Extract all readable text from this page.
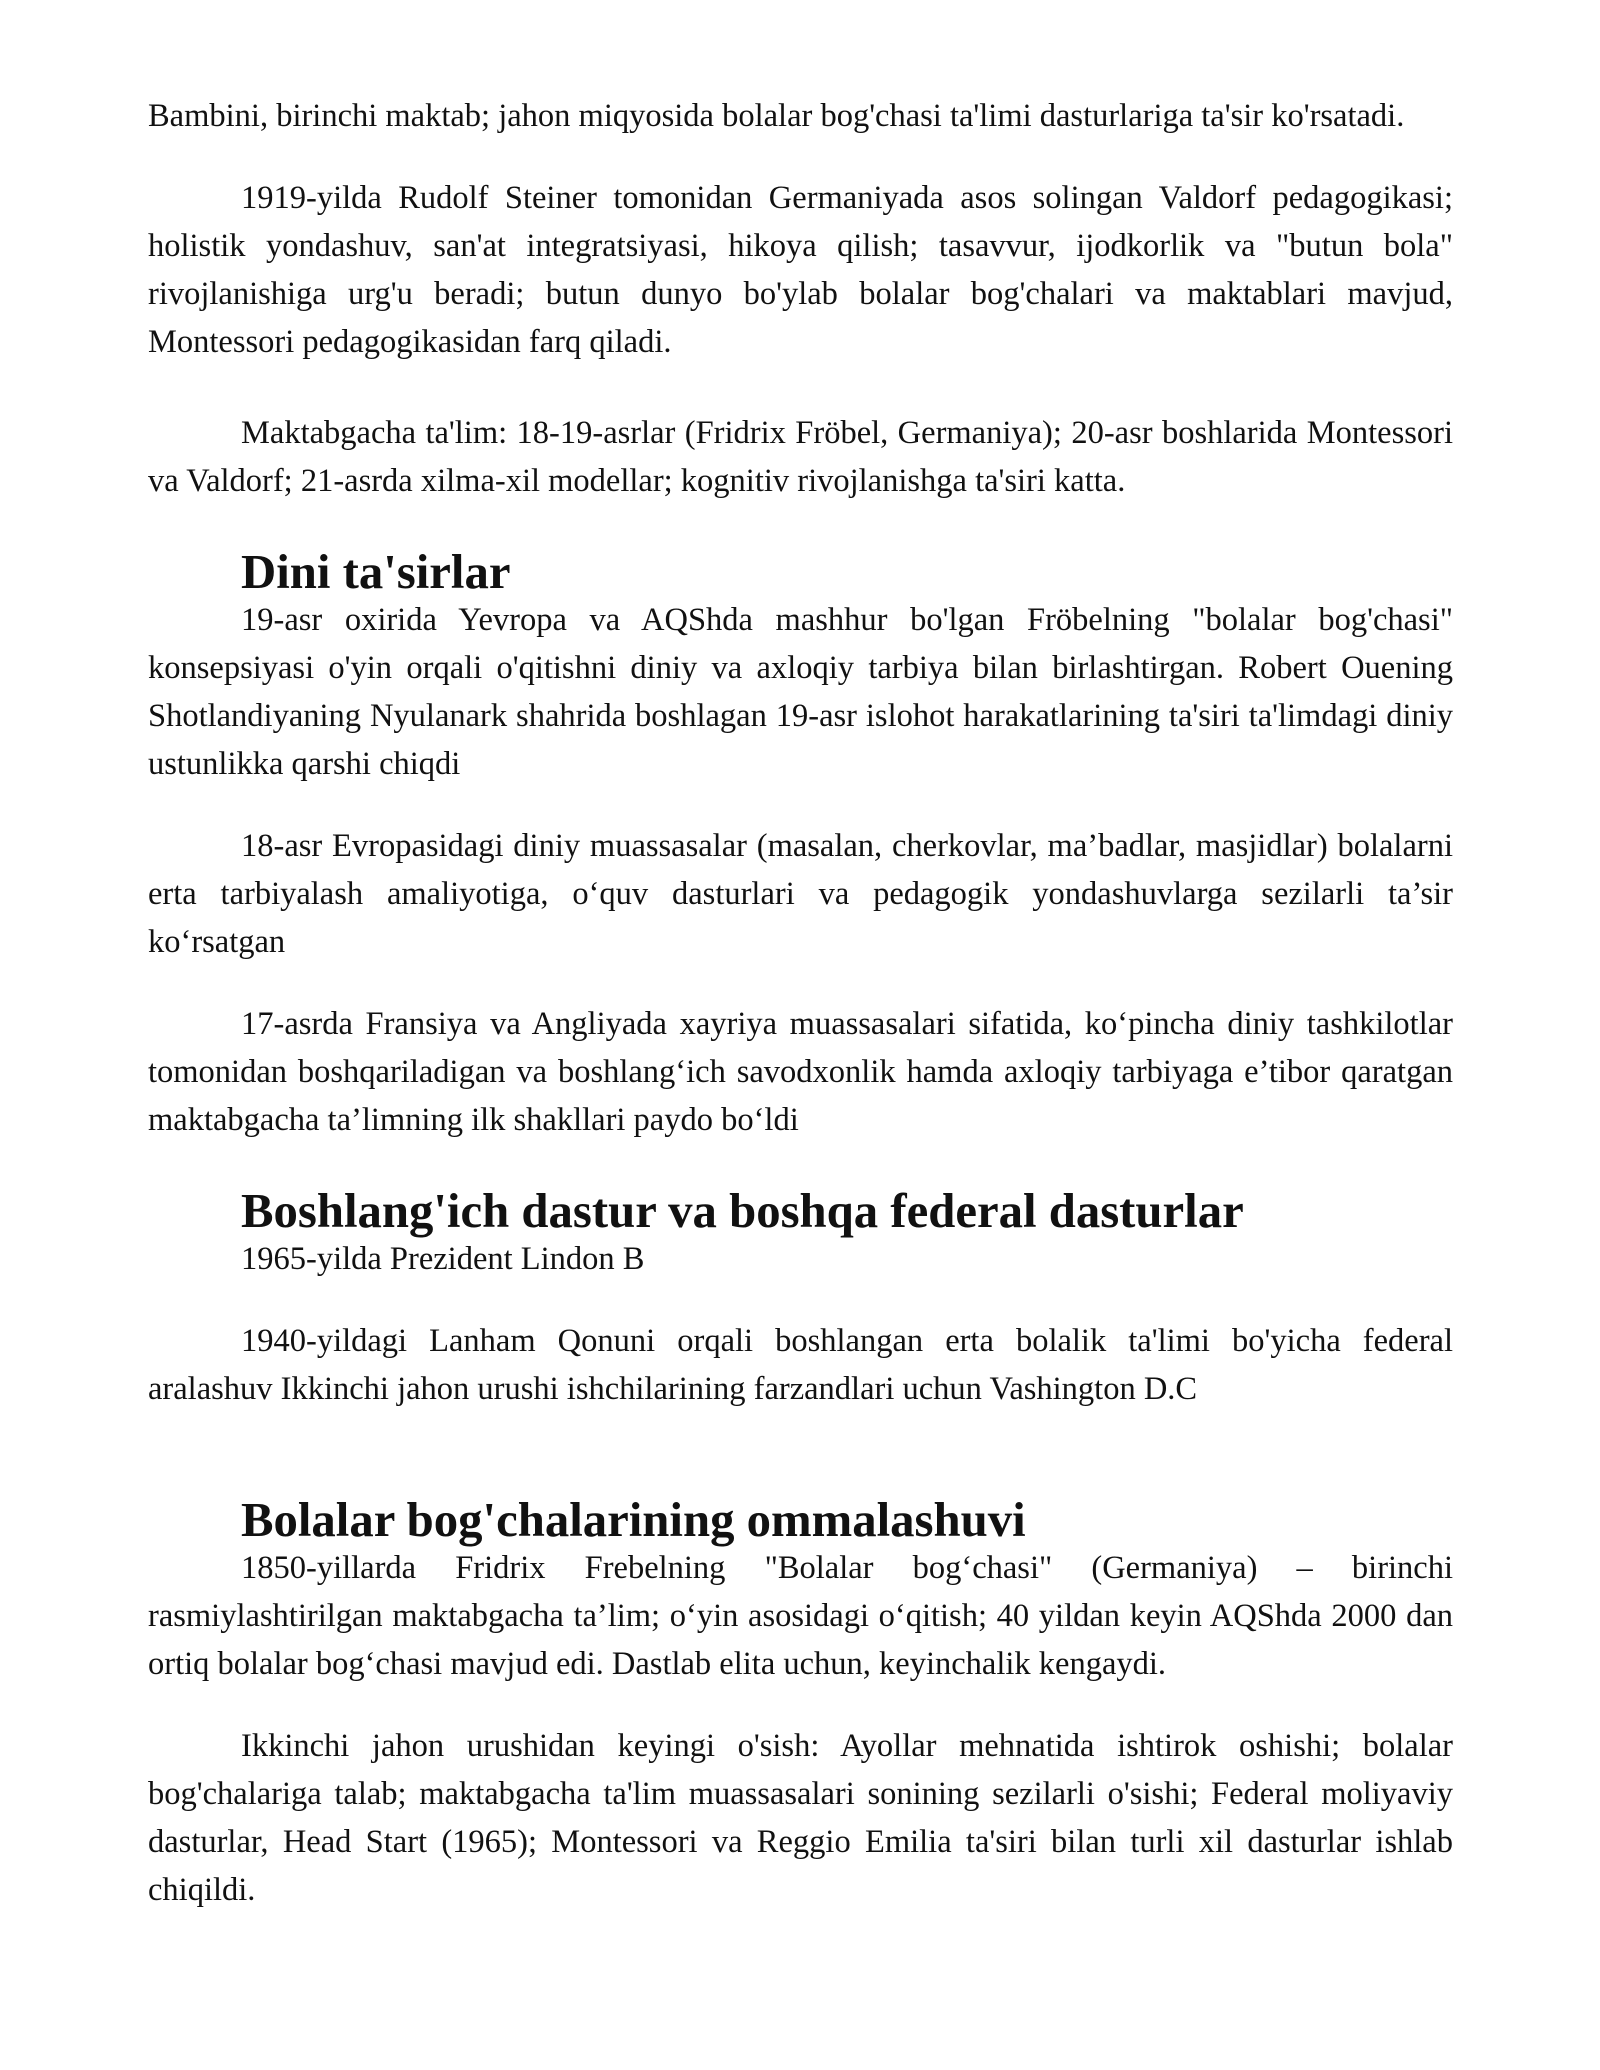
Bambini, birinchi maktab; jahon miqyosida bolalar bog'chasi ta'limi dasturlariga ta'sir ko'rsatadi.

1919-yilda Rudolf Steiner tomonidan Germaniyada asos solingan Valdorf pedagogikasi; holistik yondashuv, san'at integratsiyasi, hikoya qilish; tasavvur, ijodkorlik va "butun bola" rivojlanishiga urg'u beradi; butun dunyo bo'ylab bolalar bog'chalari va maktablari mavjud, Montessori pedagogikasidan farq qiladi.

Maktabgacha ta'lim: 18-19-asrlar (Fridrix Fröbel, Germaniya); 20-asr boshlarida Montessori va Valdorf; 21-asrda xilma-xil modellar; kognitiv rivojlanishga ta'siri katta.

Dini ta'sirlar

19-asr oxirida Yevropa va AQShda mashhur bo'lgan Fröbelning "bolalar bog'chasi" konsepsiyasi o'yin orqali o'qitishni diniy va axloqiy tarbiya bilan birlashtirgan. Robert Ouening Shotlandiyaning Nyulanark shahrida boshlagan 19-asr islohot harakatlarining ta'siri ta'limdagi diniy ustunlikka qarshi chiqdi

18-asr Evropasidagi diniy muassasalar (masalan, cherkovlar, ma’badlar, masjidlar) bolalarni erta tarbiyalash amaliyotiga, o‘quv dasturlari va pedagogik yondashuvlarga sezilarli ta’sir ko‘rsatgan

17-asrda Fransiya va Angliyada xayriya muassasalari sifatida, ko‘pincha diniy tashkilotlar tomonidan boshqariladigan va boshlang‘ich savodxonlik hamda axloqiy tarbiyaga e’tibor qaratgan maktabgacha ta’limning ilk shakllari paydo bo‘ldi

Boshlang'ich dastur va boshqa federal dasturlar

1965-yilda Prezident Lindon B

1940-yildagi Lanham Qonuni orqali boshlangan erta bolalik ta'limi bo'yicha federal aralashuv Ikkinchi jahon urushi ishchilarining farzandlari uchun Vashington D.C

Bolalar bog'chalarining ommalashuvi

1850-yillarda Fridrix Frebelning "Bolalar bog‘chasi" (Germaniya) – birinchi rasmiylashtirilgan maktabgacha ta’lim; o‘yin asosidagi o‘qitish; 40 yildan keyin AQShda 2000 dan ortiq bolalar bog‘chasi mavjud edi. Dastlab elita uchun, keyinchalik kengaydi.

Ikkinchi jahon urushidan keyingi o'sish: Ayollar mehnatida ishtirok oshishi; bolalar bog'chalariga talab; maktabgacha ta'lim muassasalari sonining sezilarli o'sishi; Federal moliyaviy dasturlar, Head Start (1965); Montessori va Reggio Emilia ta'siri bilan turli xil dasturlar ishlab chiqildi.
